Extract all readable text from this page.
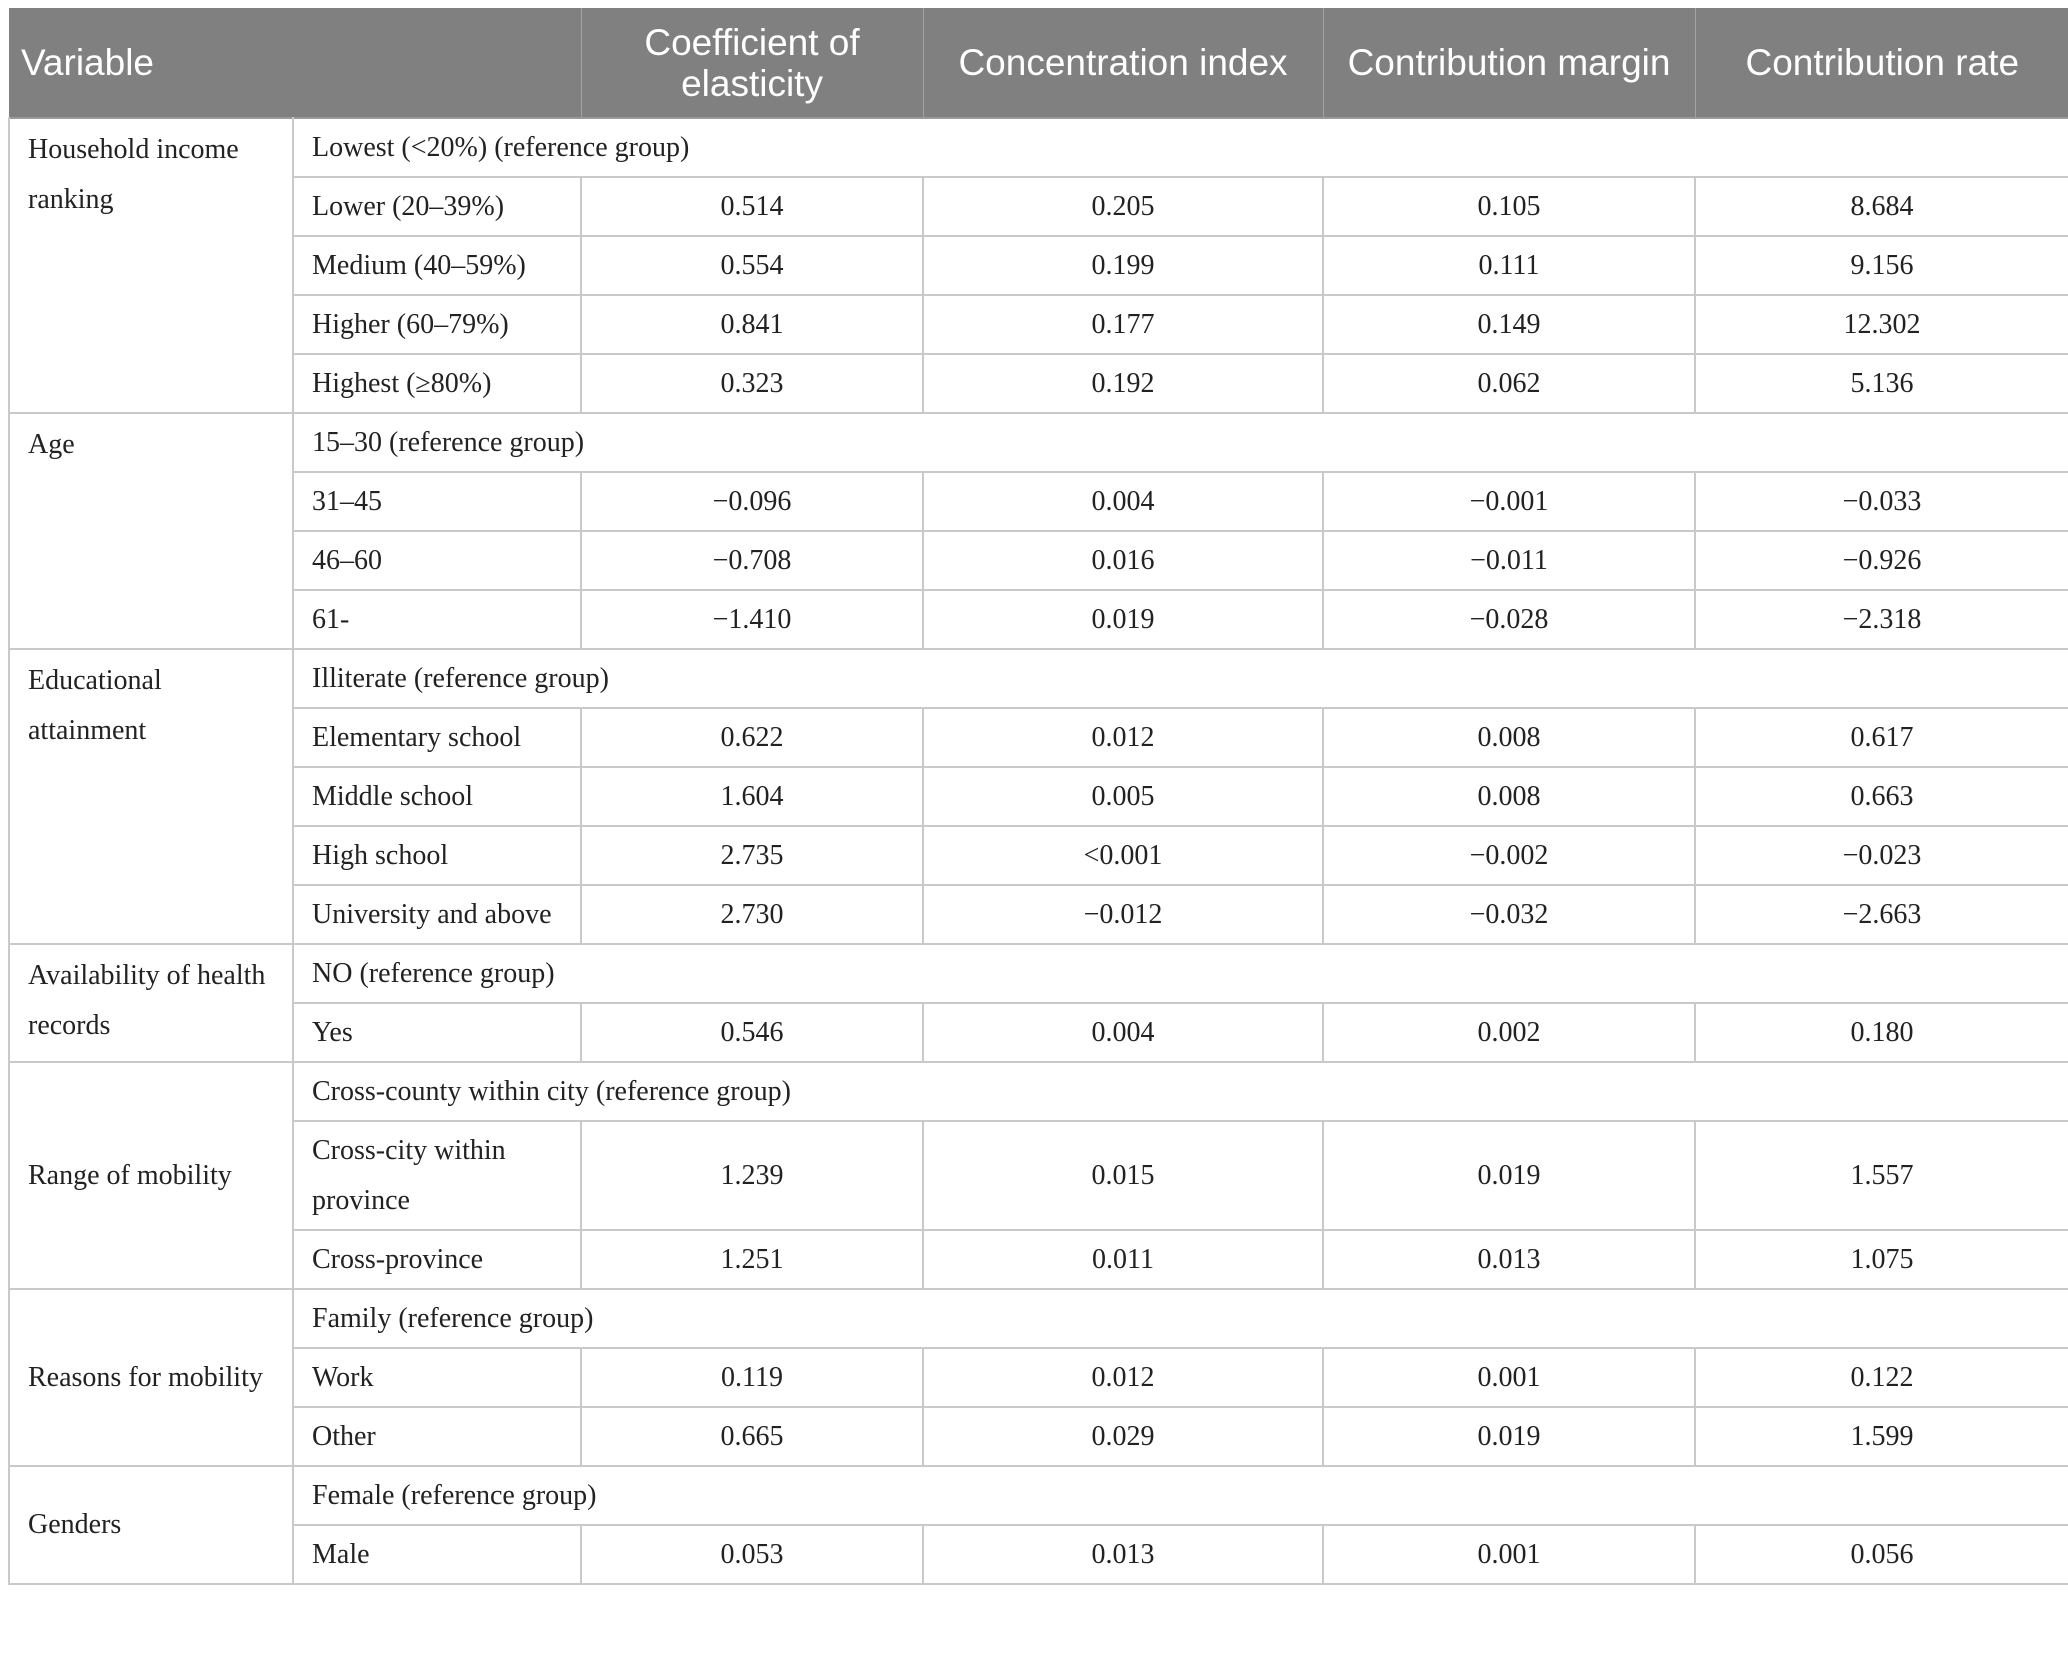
Variable		Coefficient of elasticity	Concentration index	Contribution margin	Contribution rate
Household income ranking	Lowest (<20%) (reference group)				
	Lower (20–39%)	0.514	0.205	0.105	8.684
	Medium (40–59%)	0.554	0.199	0.111	9.156
	Higher (60–79%)	0.841	0.177	0.149	12.302
	Highest (≥80%)	0.323	0.192	0.062	5.136
Age	15–30 (reference group)				
	31–45	−0.096	0.004	−0.001	−0.033
	46–60	−0.708	0.016	−0.011	−0.926
	61-	−1.410	0.019	−0.028	−2.318
Educational attainment	Illiterate (reference group)				
	Elementary school	0.622	0.012	0.008	0.617
	Middle school	1.604	0.005	0.008	0.663
	High school	2.735	<0.001	−0.002	−0.023
	University and above	2.730	−0.012	−0.032	−2.663
Availability of health records	NO (reference group)				
	Yes	0.546	0.004	0.002	0.180
Range of mobility	Cross-county within city (reference group)				
	Cross-city within province	1.239	0.015	0.019	1.557
	Cross-province	1.251	0.011	0.013	1.075
Reasons for mobility	Family (reference group)				
	Work	0.119	0.012	0.001	0.122
	Other	0.665	0.029	0.019	1.599
Genders	Female (reference group)				
	Male	0.053	0.013	0.001	0.056
